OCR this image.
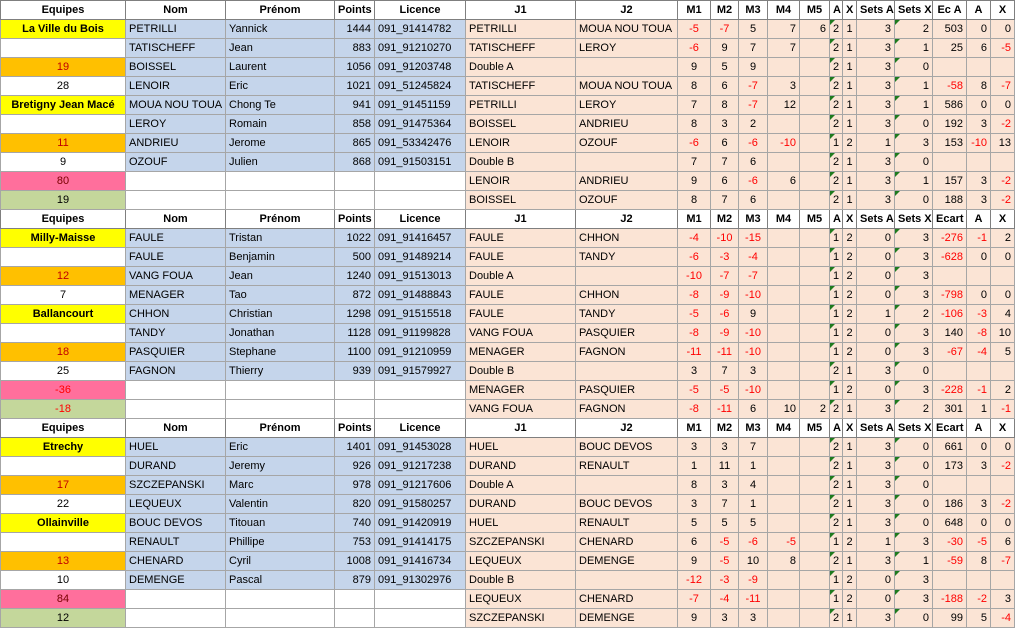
Equipes	Nom	Prénom	Points	Licence	J1	J2	M1	M2	M3	M4	M5	A	X	Sets A	Sets X	Ec A	A	X
La Ville du Bois	PETRILLI	Yannick	1444	091_91414782	PETRILLI	MOUA NOU TOUA	-5	-7	5	7	6	2	1	3	2	503	0	0
	TATISCHEFF	Jean	883	091_91210270	TATISCHEFF	LEROY	-6	9	7	7		2	1	3	1	25	6	-5
19	BOISSEL	Laurent	1056	091_91203748	Double A		9	5	9			2	1	3	0			
28	LENOIR	Eric	1021	091_51245824	TATISCHEFF	MOUA NOU TOUA	8	6	-7	3		2	1	3	1	-58	8	-7
Bretigny Jean Macé	MOUA NOU TOUA	Chong Te	941	091_91451159	PETRILLI	LEROY	7	8	-7	12		2	1	3	1	586	0	0
	LEROY	Romain	858	091_91475364	BOISSEL	ANDRIEU	8	3	2			2	1	3	0	192	3	-2
11	ANDRIEU	Jerome	865	091_53342476	LENOIR	OZOUF	-6	6	-6	-10		1	2	1	3	153	-10	13
9	OZOUF	Julien	868	091_91503151	Double B		7	7	6			2	1	3	0			
80					LENOIR	ANDRIEU	9	6	-6	6		2	1	3	1	157	3	-2
19					BOISSEL	OZOUF	8	7	6			2	1	3	0	188	3	-2
Equipes	Nom	Prénom	Points	Licence	J1	J2	M1	M2	M3	M4	M5	A	X	Sets A	Sets X	Ecart	A	X
Milly-Maisse	FAULE	Tristan	1022	091_91416457	FAULE	CHHON	-4	-10	-15			1	2	0	3	-276	-1	2
	FAULE	Benjamin	500	091_91489214	FAULE	TANDY	-6	-3	-4			1	2	0	3	-628	0	0
12	VANG FOUA	Jean	1240	091_91513013	Double A		-10	-7	-7			1	2	0	3			
7	MENAGER	Tao	872	091_91488843	FAULE	CHHON	-8	-9	-10			1	2	0	3	-798	0	0
Ballancourt	CHHON	Christian	1298	091_91515518	FAULE	TANDY	-5	-6	9			1	2	1	2	-106	-3	4
	TANDY	Jonathan	1128	091_91199828	VANG FOUA	PASQUIER	-8	-9	-10			1	2	0	3	140	-8	10
18	PASQUIER	Stephane	1100	091_91210959	MENAGER	FAGNON	-11	-11	-10			1	2	0	3	-67	-4	5
25	FAGNON	Thierry	939	091_91579927	Double B		3	7	3			2	1	3	0			
-36					MENAGER	PASQUIER	-5	-5	-10			1	2	0	3	-228	-1	2
-18					VANG FOUA	FAGNON	-8	-11	6	10	2	2	1	3	2	301	1	-1
Equipes	Nom	Prénom	Points	Licence	J1	J2	M1	M2	M3	M4	M5	A	X	Sets A	Sets X	Ecart	A	X
Etrechy	HUEL	Eric	1401	091_91453028	HUEL	BOUC DEVOS	3	3	7			2	1	3	0	661	0	0
	DURAND	Jeremy	926	091_91217238	DURAND	RENAULT	1	11	1			2	1	3	0	173	3	-2
17	SZCZEPANSKI	Marc	978	091_91217606	Double A		8	3	4			2	1	3	0			
22	LEQUEUX	Valentin	820	091_91580257	DURAND	BOUC DEVOS	3	7	1			2	1	3	0	186	3	-2
Ollainville	BOUC DEVOS	Titouan	740	091_91420919	HUEL	RENAULT	5	5	5			2	1	3	0	648	0	0
	RENAULT	Phillipe	753	091_91414175	SZCZEPANSKI	CHENARD	6	-5	-6	-5		1	2	1	3	-30	-5	6
13	CHENARD	Cyril	1008	091_91416734	LEQUEUX	DEMENGE	9	-5	10	8		2	1	3	1	-59	8	-7
10	DEMENGE	Pascal	879	091_91302976	Double B		-12	-3	-9			1	2	0	3			
84					LEQUEUX	CHENARD	-7	-4	-11			1	2	0	3	-188	-2	3
12					SZCZEPANSKI	DEMENGE	9	3	3			2	1	3	0	99	5	-4
